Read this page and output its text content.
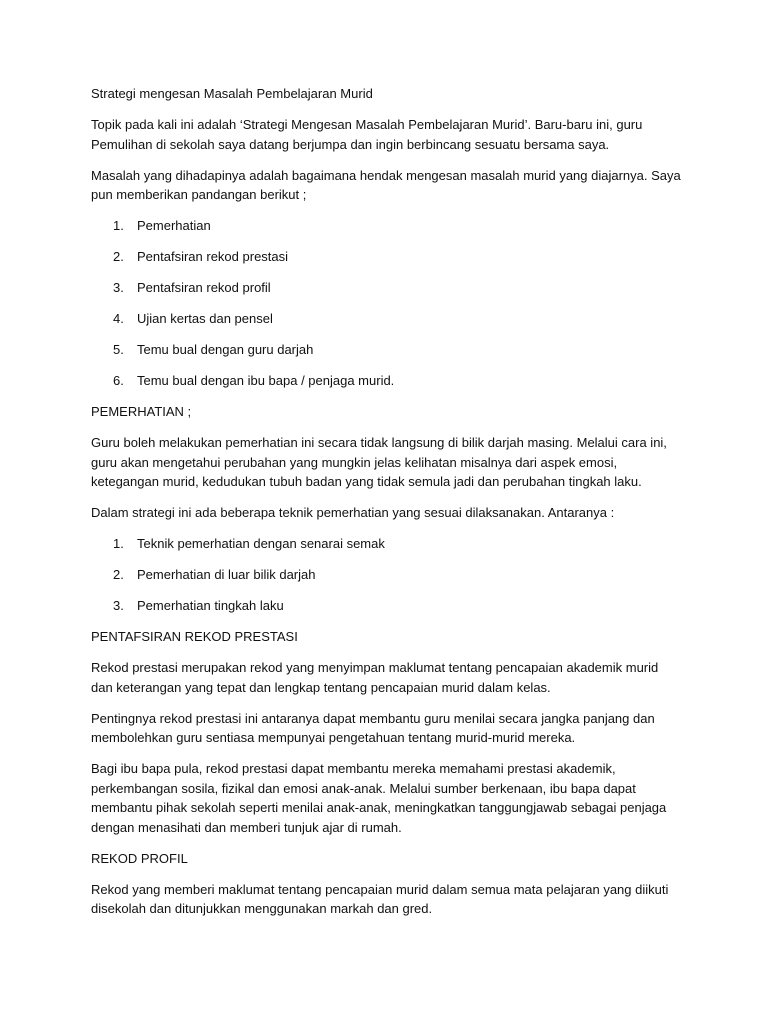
Strategi mengesan Masalah Pembelajaran Murid

Topik pada kali ini adalah ‘Strategi Mengesan Masalah Pembelajaran Murid’. Baru-baru ini, guru Pemulihan di sekolah saya datang berjumpa dan ingin berbincang sesuatu bersama saya.

Masalah yang dihadapinya adalah bagaimana hendak mengesan masalah murid yang diajarnya. Saya pun memberikan pandangan berikut ;

1. Pemerhatian
2. Pentafsiran rekod prestasi
3. Pentafsiran rekod profil
4. Ujian kertas dan pensel
5. Temu bual dengan guru darjah
6. Temu bual dengan ibu bapa / penjaga murid.

PEMERHATIAN ;

Guru boleh melakukan pemerhatian ini secara tidak langsung di bilik darjah masing. Melalui cara ini, guru akan mengetahui perubahan yang mungkin jelas kelihatan misalnya dari aspek emosi, ketegangan murid, kedudukan tubuh badan yang tidak semula jadi dan perubahan tingkah laku.

Dalam strategi ini ada beberapa teknik pemerhatian yang sesuai dilaksanakan. Antaranya :

1. Teknik pemerhatian dengan senarai semak
2. Pemerhatian di luar bilik darjah
3. Pemerhatian tingkah laku

PENTAFSIRAN REKOD PRESTASI

Rekod prestasi merupakan rekod yang menyimpan maklumat tentang pencapaian akademik murid dan keterangan yang tepat dan lengkap tentang pencapaian murid dalam kelas.

Pentingnya rekod prestasi ini antaranya dapat membantu guru menilai secara jangka panjang dan membolehkan guru sentiasa mempunyai pengetahuan tentang murid-murid mereka.

Bagi ibu bapa pula, rekod prestasi dapat membantu mereka memahami prestasi akademik, perkembangan sosila, fizikal dan emosi anak-anak. Melalui sumber berkenaan, ibu bapa dapat membantu pihak sekolah seperti menilai anak-anak, meningkatkan tanggungjawab sebagai penjaga dengan menasihati dan memberi tunjuk ajar di rumah.

REKOD PROFIL

Rekod yang memberi maklumat tentang pencapaian murid dalam semua mata pelajaran yang diikuti disekolah dan ditunjukkan menggunakan markah dan gred.
